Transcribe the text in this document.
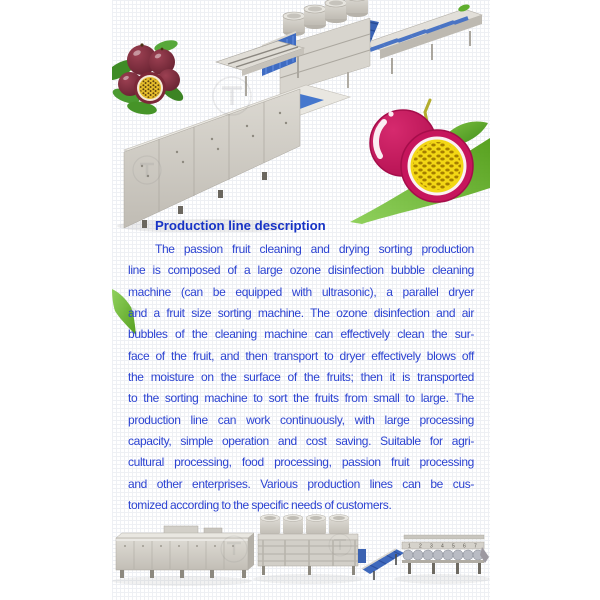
Production line description
The passion fruit cleaning and drying sorting production
line is composed of a large ozone disinfection bubble cleaning
machine (can be equipped with ultrasonic), a parallel dryer
and a fruit size sorting machine. The ozone disinfection and air
bubbles of the cleaning machine can effectively clean the sur-
face of the fruit, and then transport to dryer effectively blows off
the moisture on the surface of the fruits; then it is transported
to the sorting machine to sort the fruits from small to large. The
production line can work continuously, with large processing
capacity, simple operation and cost saving. Suitable for agri-
cultural processing, food processing, passion fruit processing
and other enterprises. Various production lines can be cus-
tomized according to the specific needs of customers.
1 2 3 4 5 6 7
